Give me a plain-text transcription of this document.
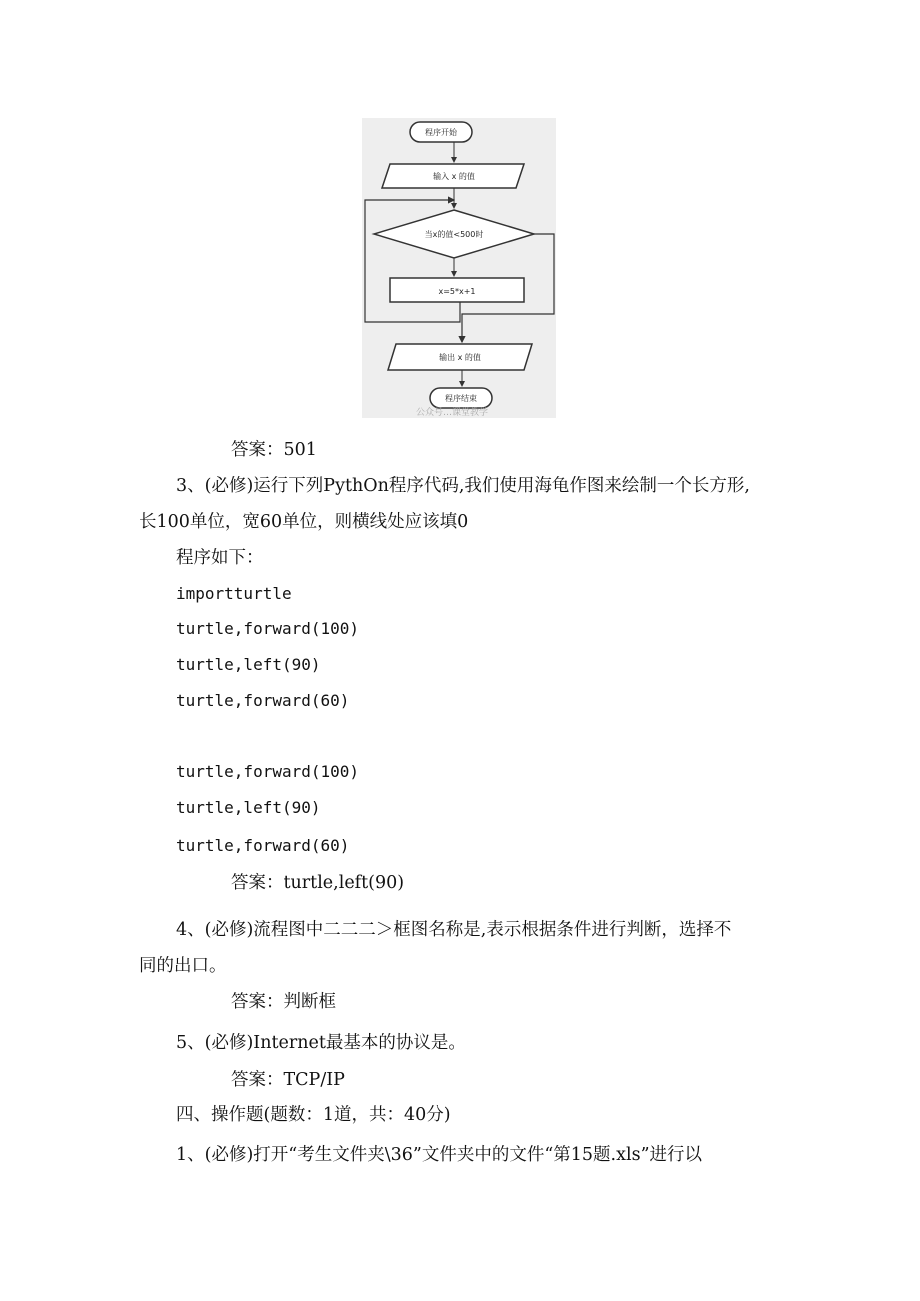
程序开始
输入 x 的值
当x的值<500时
x=5*x+1
输出 x 的值
程序结束
公众号…课堂教学
答案：501
3、(必修)运行下列PythOn程序代码,我们使用海龟作图来绘制一个长方形,
长100单位，宽60单位，则横线处应该填0
程序如下：
importturtle
turtle,forward(100)
turtle,left(90)
turtle,forward(60)
turtle,forward(100)
turtle,left(90)
turtle,forward(60)
答案：turtle,left(90)
4、(必修)流程图中二二二＞框图名称是,表示根据条件进行判断，选择不
同的出口。
答案：判断框
5、(必修)Internet最基本的协议是。
答案：TCP/IP
四、操作题(题数：1道，共：40分)
1、(必修)打开“考生文件夹\36”文件夹中的文件“第15题.xls”进行以
